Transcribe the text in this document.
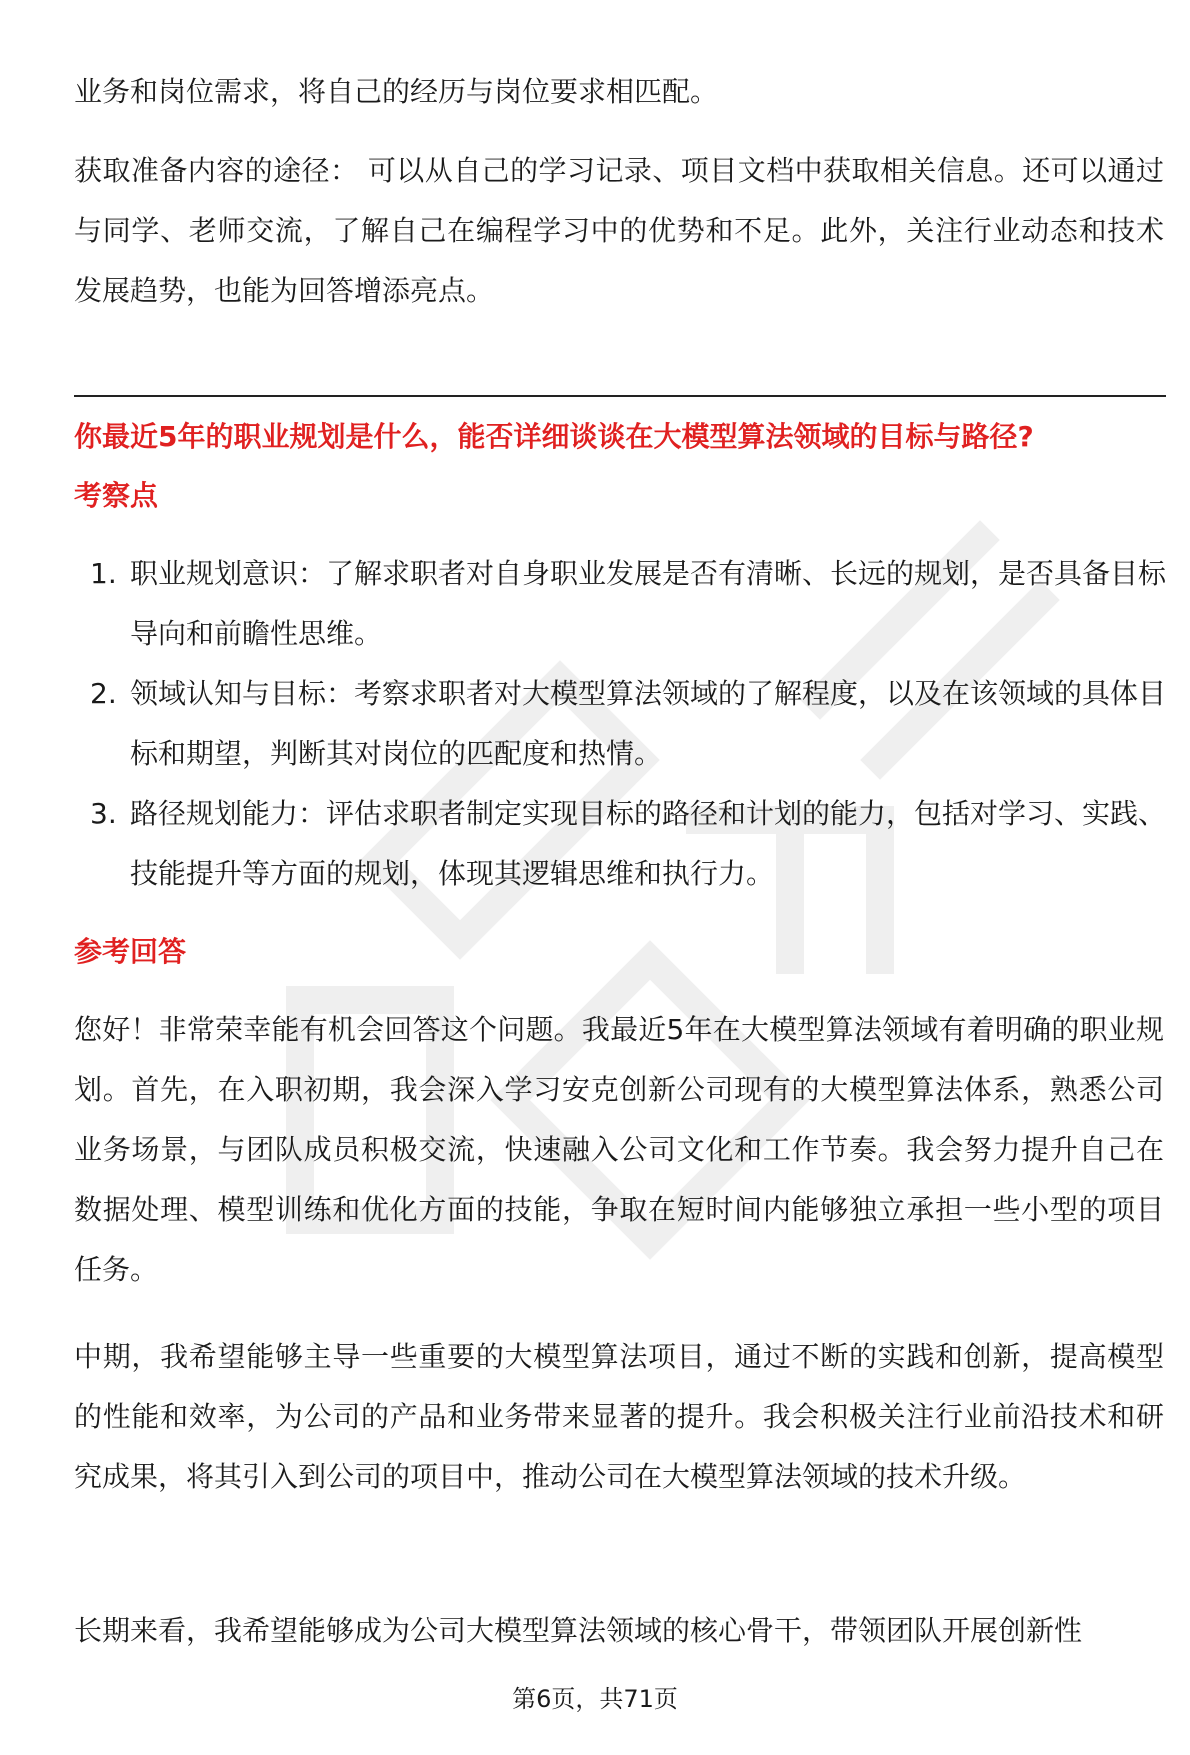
业务和岗位需求，将自己的经历与岗位要求相匹配。

获取准备内容的途径： 可以从自己的学习记录、项目文档中获取相关信息。还可以通过与同学、老师交流，了解自己在编程学习中的优势和不足。此外，关注行业动态和技术发展趋势，也能为回答增添亮点。

你最近5年的职业规划是什么，能否详细谈谈在大模型算法领域的目标与路径?

考察点

1. 职业规划意识：了解求职者对自身职业发展是否有清晰、长远的规划，是否具备目标导向和前瞻性思维。
2. 领域认知与目标：考察求职者对大模型算法领域的了解程度，以及在该领域的具体目标和期望，判断其对岗位的匹配度和热情。
3. 路径规划能力：评估求职者制定实现目标的路径和计划的能力，包括对学习、实践、技能提升等方面的规划，体现其逻辑思维和执行力。

参考回答

您好！非常荣幸能有机会回答这个问题。我最近5年在大模型算法领域有着明确的职业规划。首先，在入职初期，我会深入学习安克创新公司现有的大模型算法体系，熟悉公司业务场景，与团队成员积极交流，快速融入公司文化和工作节奏。我会努力提升自己在数据处理、模型训练和优化方面的技能，争取在短时间内能够独立承担一些小型的项目任务。

中期，我希望能够主导一些重要的大模型算法项目，通过不断的实践和创新，提高模型的性能和效率，为公司的产品和业务带来显著的提升。我会积极关注行业前沿技术和研究成果，将其引入到公司的项目中，推动公司在大模型算法领域的技术升级。

长期来看，我希望能够成为公司大模型算法领域的核心骨干，带领团队开展创新性

第6页，共71页
